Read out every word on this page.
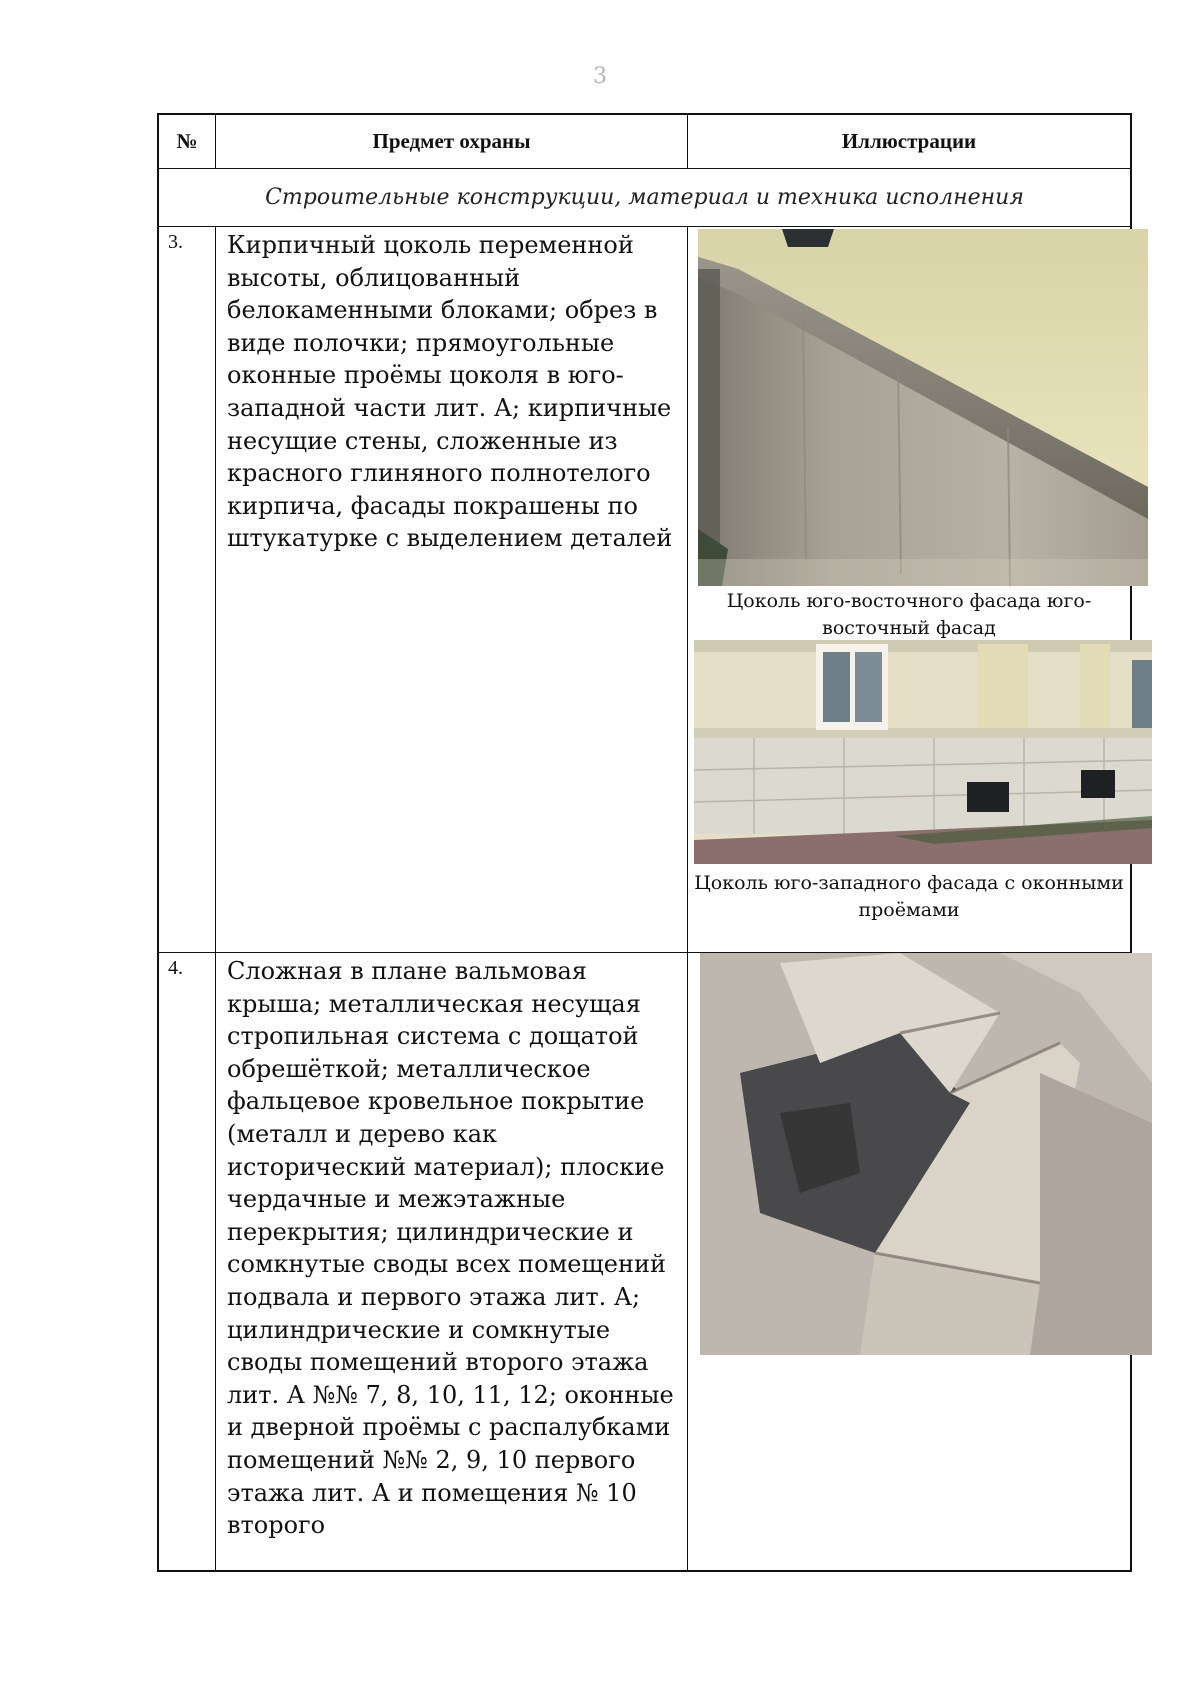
3
№	Предмет охраны	Иллюстрации
Строительные конструкции, материал и техника исполнения
3.	Кирпичный цоколь переменной высоты, облицованный белокаменными блоками; обрез в виде полочки; прямоугольные оконные проёмы цоколя в юго-западной части лит. А; кирпичные несущие стены, сложенные из красного глиняного полнотелого кирпича, фасады покрашены по штукатурке с выделением деталей

Цоколь юго-восточного фасада юго-восточный фасад
Цоколь юго-западного фасада с оконными проёмами
4.	Сложная в плане вальмовая крыша; металлическая несущая стропильная система с дощатой обрешёткой; металлическое фальцевое кровельное покрытие (металл и дерево как исторический материал); плоские чердачные и межэтажные перекрытия; цилиндрические и сомкнутые своды всех помещений подвала и первого этажа лит. А; цилиндрические и сомкнутые своды помещений второго этажа лит. А №№ 7, 8, 10, 11, 12; оконные и дверной проёмы с распалубками помещений №№ 2, 9, 10 первого этажа лит. А и помещения № 10 второго
